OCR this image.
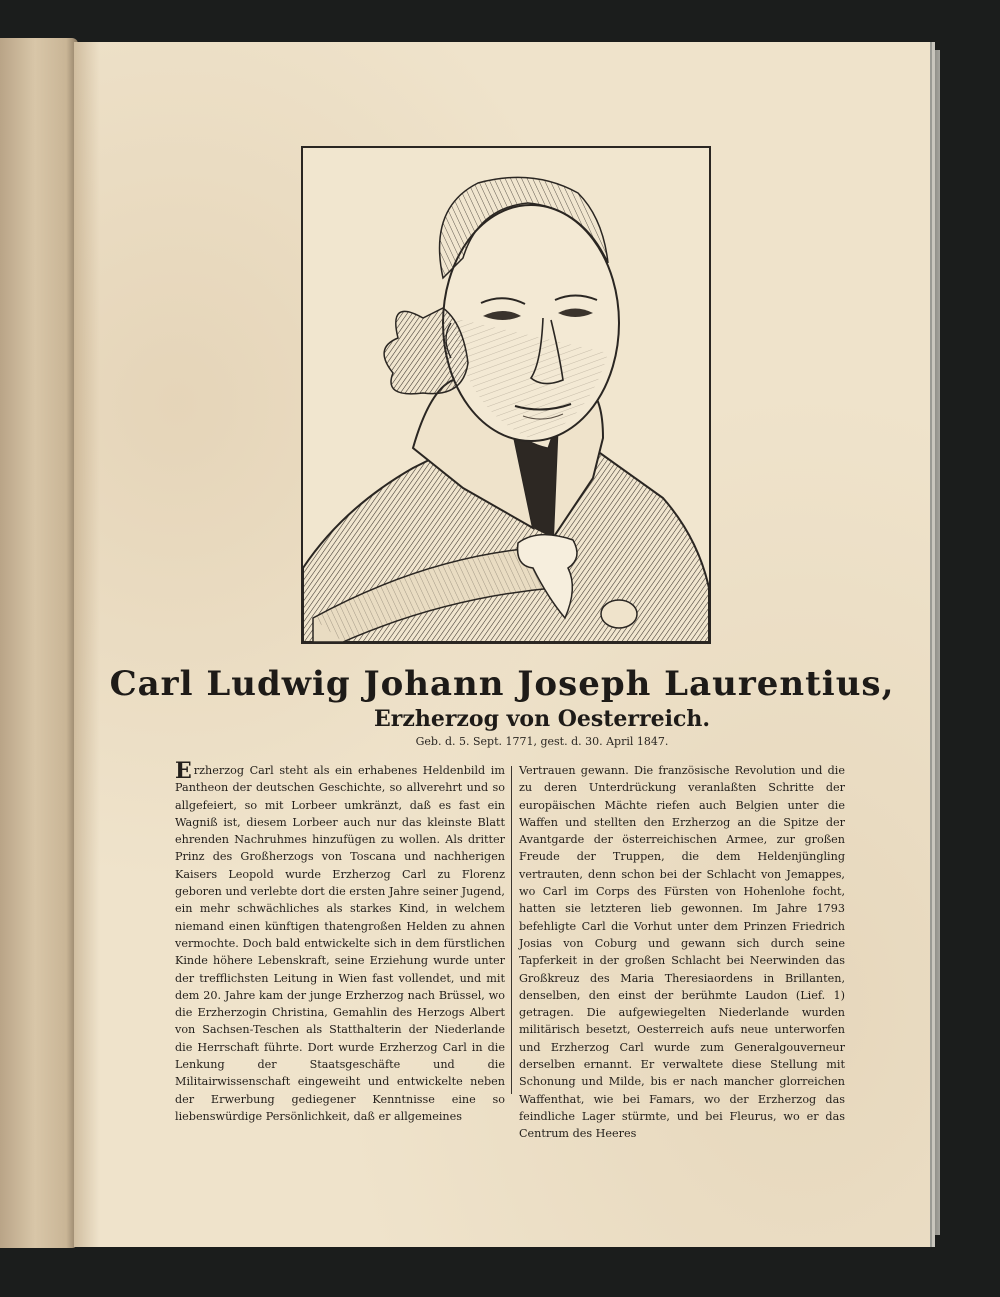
Carl Ludwig Johann Joseph Laurentius,
Erzherzog von Oesterreich.
Geb. d. 5. Sept. 1771, gest. d. 30. April 1847.
Erzherzog Carl steht als ein erhabenes Heldenbild im Pantheon der deutschen Geschichte, so allverehrt und so allgefeiert, so mit Lorbeer umkränzt, daß es fast ein Wagniß ist, diesem Lorbeer auch nur das kleinste Blatt ehrenden Nachruhmes hinzufügen zu wollen. Als dritter Prinz des Großherzogs von Toscana und nachherigen Kaisers Leopold wurde Erzherzog Carl zu Florenz geboren und verlebte dort die ersten Jahre seiner Jugend, ein mehr schwächliches als starkes Kind, in welchem niemand einen künftigen thatengroßen Helden zu ahnen vermochte. Doch bald entwickelte sich in dem fürstlichen Kinde höhere Lebenskraft, seine Erziehung wurde unter der trefflichsten Leitung in Wien fast vollendet, und mit dem 20. Jahre kam der junge Erzherzog nach Brüssel, wo die Erzherzogin Christina, Gemahlin des Herzogs Albert von Sachsen-Teschen als Statthalterin der Niederlande die Herrschaft führte. Dort wurde Erzherzog Carl in die Lenkung der Staatsgeschäfte und die Militairwissenschaft eingeweiht und entwickelte neben der Erwerbung gediegener Kenntnisse eine so liebenswürdige Persönlichkeit, daß er allgemeines
Vertrauen gewann. Die französische Revolution und die zu deren Unterdrückung veranlaßten Schritte der europäischen Mächte riefen auch Belgien unter die Waffen und stellten den Erzherzog an die Spitze der Avantgarde der österreichischen Armee, zur großen Freude der Truppen, die dem Heldenjüngling vertrauten, denn schon bei der Schlacht von Jemappes, wo Carl im Corps des Fürsten von Hohenlohe focht, hatten sie letzteren lieb gewonnen. Im Jahre 1793 befehligte Carl die Vorhut unter dem Prinzen Friedrich Josias von Coburg und gewann sich durch seine Tapferkeit in der großen Schlacht bei Neerwinden das Großkreuz des Maria Theresiaordens in Brillanten, denselben, den einst der berühmte Laudon (Lief. 1) getragen. Die aufgewiegelten Niederlande wurden militärisch besetzt, Oesterreich aufs neue unterworfen und Erzherzog Carl wurde zum Generalgouverneur derselben ernannt. Er verwaltete diese Stellung mit Schonung und Milde, bis er nach mancher glorreichen Waffenthat, wie bei Famars, wo der Erzherzog das feindliche Lager stürmte, und bei Fleurus, wo er das Centrum des Heeres
